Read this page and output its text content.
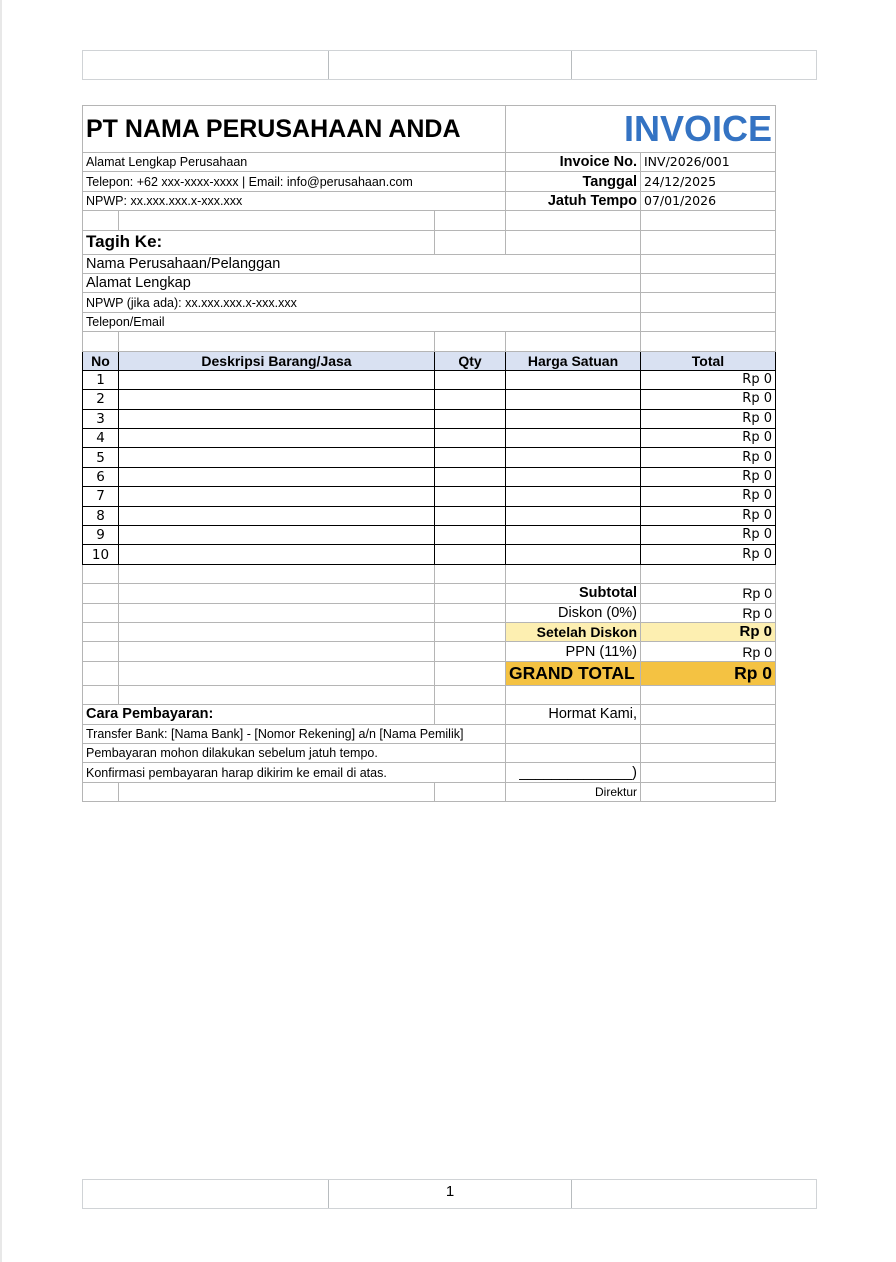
PT NAMA PERUSAHAAN ANDA			INVOICE	
Alamat Lengkap Perusahaan			Invoice No.	INV/2026/001
Telepon: +62 xxx-xxxx-xxxx | Email: info@perusahaan.com			Tanggal	24/12/2025
NPWP: xx.xxx.xxx.x-xxx.xxx			Jatuh Tempo	07/01/2026

Tagih Ke:				
Nama Perusahaan/Pelanggan				
Alamat Lengkap				
NPWP (jika ada): xx.xxx.xxx.x-xxx.xxx				
Telepon/Email				

No	Deskripsi Barang/Jasa	Qty	Harga Satuan	Total
1				Rp 0
2				Rp 0
3				Rp 0
4				Rp 0
5				Rp 0
6				Rp 0
7				Rp 0
8				Rp 0
9				Rp 0
10				Rp 0

			Subtotal	Rp 0
			Diskon (0%)	Rp 0
			Setelah Diskon	Rp 0
			PPN (11%)	Rp 0
			GRAND TOTAL	Rp 0

Cara Pembayaran:			Hormat Kami,	
Transfer Bank: [Nama Bank] - [Nomor Rekening] a/n [Nama Pemilik]				
Pembayaran mohon dilakukan sebelum jatuh tempo.				
Konfirmasi pembayaran harap dikirim ke email di atas.			______________)	
			Direktur	
1
